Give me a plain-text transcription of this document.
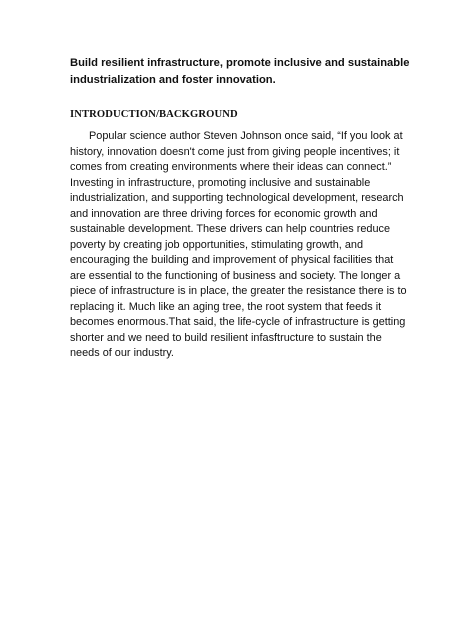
Build resilient infrastructure, promote inclusive and sustainable industrialization and foster innovation.
INTRODUCTION/BACKGROUND

Popular science author Steven Johnson once said, “If you look at history, innovation doesn't come just from giving people incentives; it comes from creating environments where their ideas can connect.” Investing in infrastructure, promoting inclusive and sustainable industrialization, and supporting technological development, research and innovation are three driving forces for economic growth and sustainable development. These drivers can help countries reduce poverty by creating job opportunities, stimulating growth, and encouraging the building and improvement of physical facilities that are essential to the functioning of business and society. The longer a piece of infrastructure is in place, the greater the resistance there is to replacing it. Much like an aging tree, the root system that feeds it becomes enormous.That said, the life-cycle of infrastructure is getting shorter and we need to build resilient infasftructure to sustain the needs of our industry.
